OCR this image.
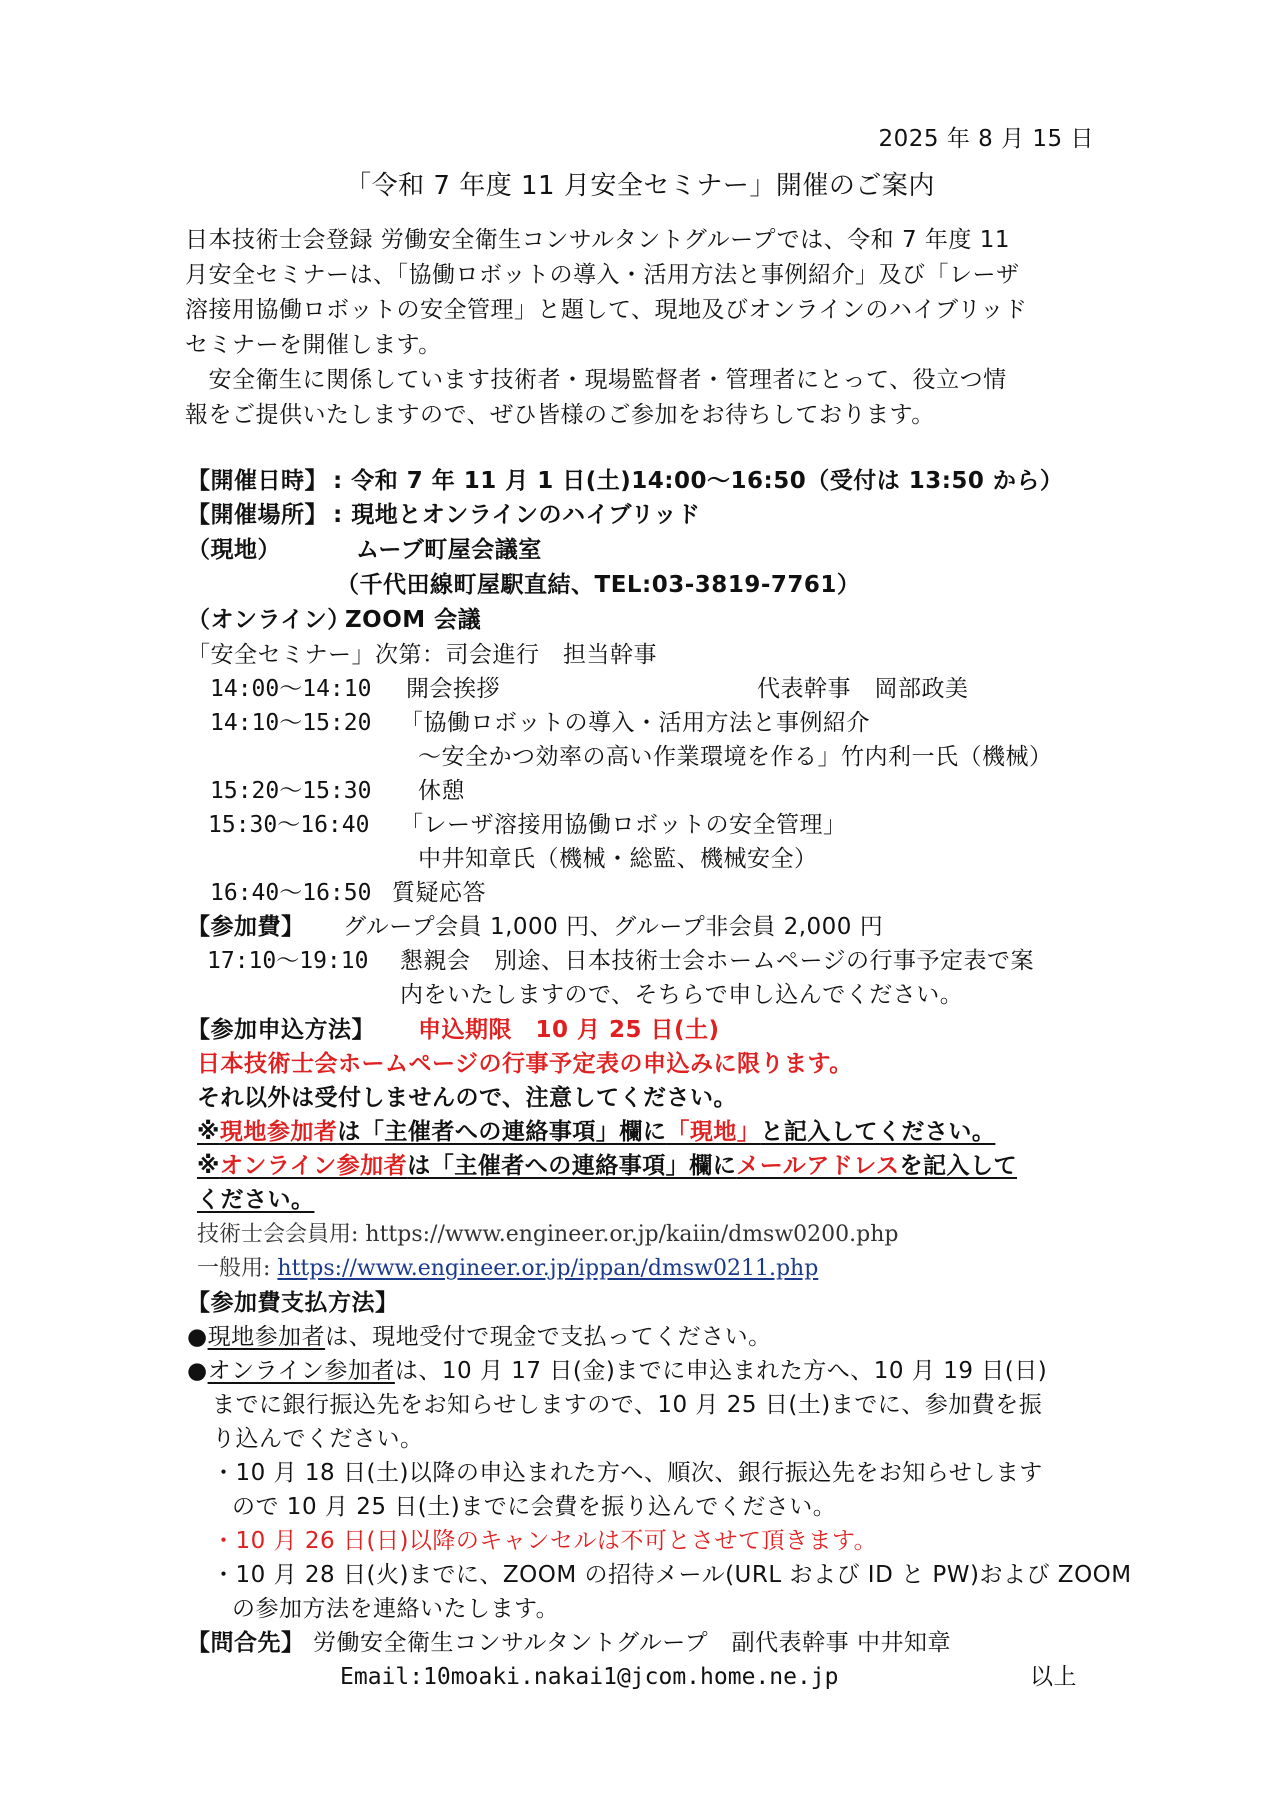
2025 年 8 月 15 日
「令和 7 年度 11 月安全セミナー」開催のご案内
日本技術士会登録 労働安全衛生コンサルタントグループでは、令和 7 年度 11
月安全セミナーは、「協働ロボットの導入・活用方法と事例紹介」及び「レーザ
溶接用協働ロボットの安全管理」と題して、現地及びオンラインのハイブリッド
セミナーを開催します。
　安全衛生に関係しています技術者・現場監督者・管理者にとって、役立つ情
報をご提供いたしますので、ぜひ皆様のご参加をお待ちしております。
【開催日時】 : 令和 7 年 11 月 1 日(土)14:00～16:50（受付は 13:50 から）
【開催場所】 : 現地とオンラインのハイブリッド
（現地）	ムーブ町屋会議室
（千代田線町屋駅直結、TEL:03-3819-7761）
（オンライン）
ZOOM 会議
「安全セミナー」次第：司会進行　担当幹事
14:00～14:10 開会挨拶	代表幹事　岡部政美
14:10～15:20 「協働ロボットの導入・活用方法と事例紹介
～安全かつ効率の高い作業環境を作る」竹内利一氏（機械）
15:20～15:30 休憩
15:30～16:40 「レーザ溶接用協働ロボットの安全管理」
中井知章氏（機械・総監、機械安全）
16:40～16:50 質疑応答
【参加費】 グループ会員 1,000 円、グループ非会員 2,000 円
17:10～19:10 懇親会　別途、日本技術士会ホームページの行事予定表で案
内をいたしますので、そちらで申し込んでください。
【参加申込方法】 申込期限　10 月 25 日(土)
日本技術士会ホームページの行事予定表の申込みに限ります。
それ以外は受付しませんので、注意してください。
※現地参加者は「主催者への連絡事項」欄に「現地」と記入してください。
※オンライン参加者は「主催者への連絡事項」欄にメールアドレスを記入して
ください。
技術士会会員用: https://www.engineer.or.jp/kaiin/dmsw0200.php
一般用: https://www.engineer.or.jp/ippan/dmsw0211.php
【参加費支払方法】
●現地参加者は、現地受付で現金で支払ってください。
●オンライン参加者は、10 月 17 日(金)までに申込まれた方へ、10 月 19 日(日)
までに銀行振込先をお知らせしますので、10 月 25 日(土)までに、参加費を振
り込んでください。
・10 月 18 日(土)以降の申込まれた方へ、順次、銀行振込先をお知らせします
ので 10 月 25 日(土)までに会費を振り込んでください。
・10 月 26 日(日)以降のキャンセルは不可とさせて頂きます。
・10 月 28 日(火)までに、ZOOM の招待メール(URL および ID と PW)および ZOOM
の参加方法を連絡いたします。
【問合先】 労働安全衛生コンサルタントグループ　副代表幹事 中井知章
Email:10moaki.nakai1@jcom.home.ne.jp	以上
